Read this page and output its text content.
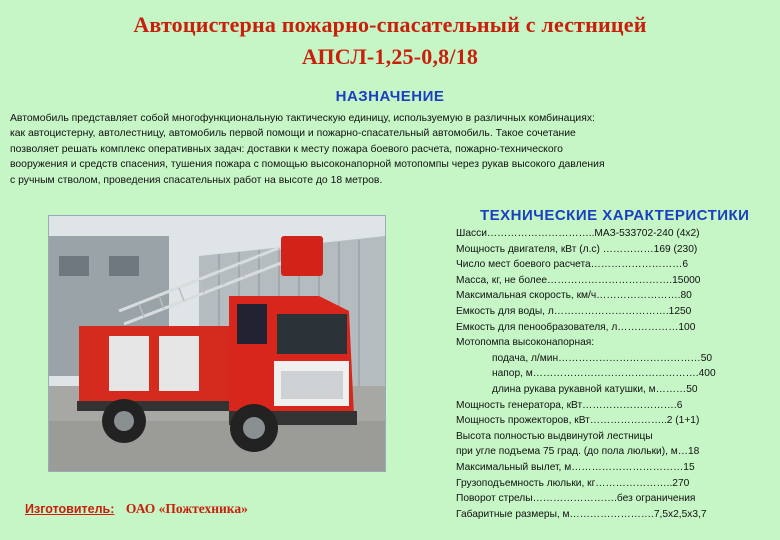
Автоцистерна пожарно-спасательный с лестницей
АПСЛ-1,25-0,8/18
НАЗНАЧЕНИЕ
Автомобиль представляет собой многофункциональную тактическую единицу, используемую в различных комбинациях:
как автоцистерну, автолестницу, автомобиль первой помощи и пожарно-спасательный автомобиль. Такое сочетание
позволяет решать комплекс оперативных задач: доставки к месту пожара боевого расчета, пожарно-технического
вооружения и средств спасения, тушения пожара с помощью высоконапорной мотопомпы через рукав высокого давления
с ручным стволом, проведения спасательных работ на высоте до 18 метров.
ТЕХНИЧЕСКИЕ ХАРАКТЕРИСТИКИ
Шасси…………………………..МАЗ-533702-240 (4х2)
Мощность двигателя, кВт (л.с) ……………169 (230)
Число мест боевого расчета………………………6
Масса, кг, не более……………………………….15000
Максимальная скорость, км/ч…………………….80
Емкость для воды, л…………………………….1250
Емкость для пенообразователя, л………………100
Мотопомпа высоконапорная:
подача, л/мин……………………………………50
напор, м………………………………………….400
длина рукава рукавной катушки, м………50
Мощность генератора, кВт……………………….6
Мощность прожекторов, кВт…………………..2 (1+1)
Высота полностью выдвинутой лестницы
при угле подъема 75 град. (до пола люльки), м…18
Максимальный вылет, м……………………………15
Грузоподъемность люльки, кг…………………..270
Поворот стрелы…………………….без ограничения
Габаритные размеры, м…………………….7,5х2,5х3,7
Изготовитель: ОАО «Пожтехника»
